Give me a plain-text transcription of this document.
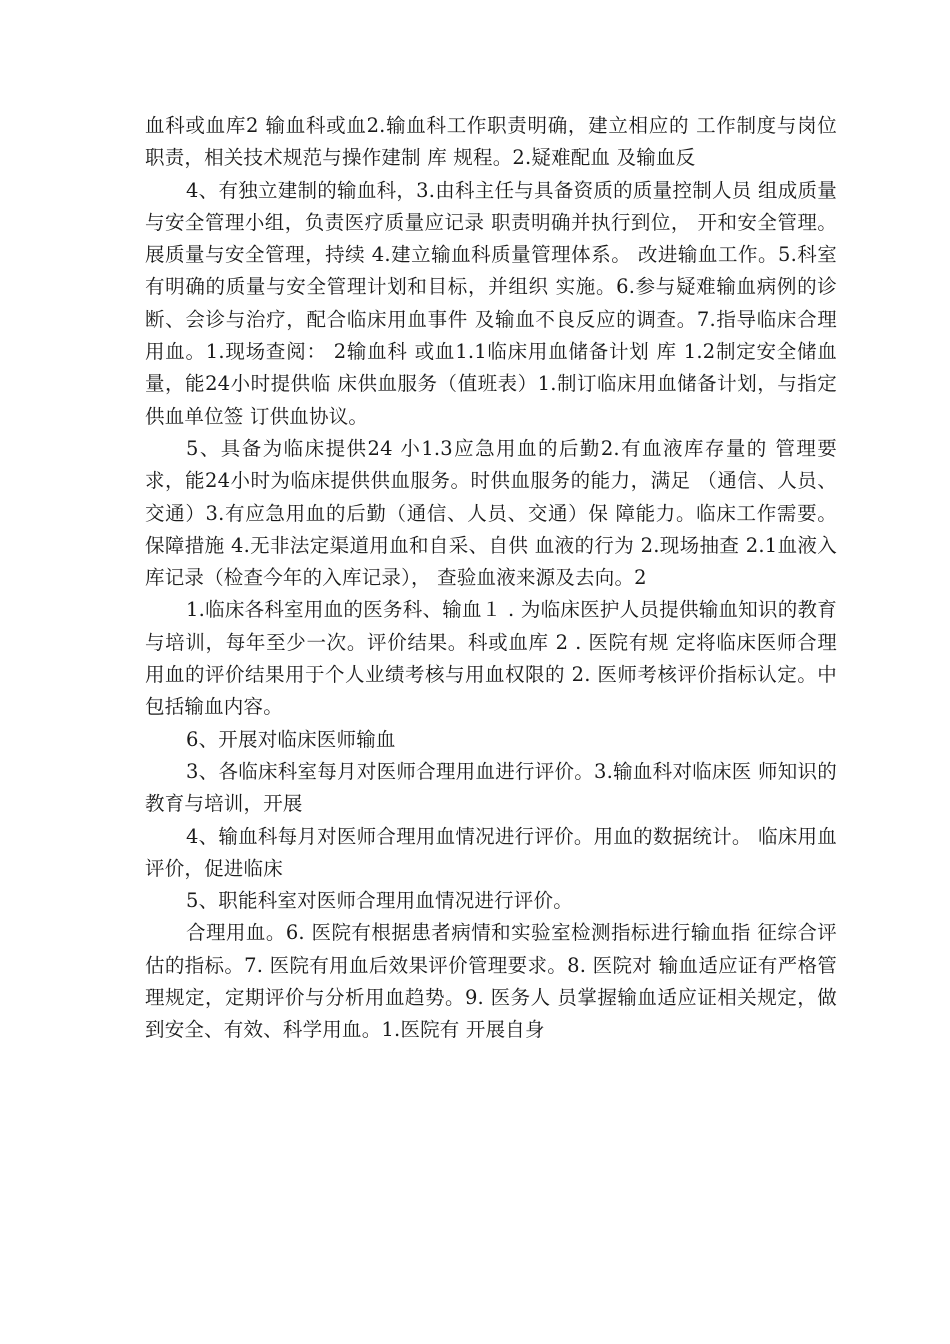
血科或血库2 输血科或血2.输血科工作职责明确，建立相应的 工作制度与岗位职责，相关技术规范与操作建制 库 规程。2.疑难配血 及输血反

4、有独立建制的输血科，3.由科主任与具备资质的质量控制人员 组成质量与安全管理小组，负责医疗质量应记录 职责明确并执行到位， 开和安全管理。展质量与安全管理，持续 4.建立输血科质量管理体系。 改进输血工作。5.科室有明确的质量与安全管理计划和目标，并组织 实施。6.参与疑难输血病例的诊断、会诊与治疗，配合临床用血事件 及输血不良反应的调查。7.指导临床合理用血。1.现场查阅： 2输血科 或血1.1临床用血储备计划 库 1.2制定安全储血量，能24小时提供临 床供血服务（值班表）1.制订临床用血储备计划，与指定供血单位签 订供血协议。

5、具备为临床提供24 小1.3应急用血的后勤2.有血液库存量的 管理要求，能24小时为临床提供供血服务。时供血服务的能力，满足 （通信、人员、交通）3.有应急用血的后勤（通信、人员、交通）保 障能力。临床工作需要。保障措施 4.无非法定渠道用血和自采、自供 血液的行为 2.现场抽查 2.1血液入库记录（检查今年的入库记录）， 查验血液来源及去向。2

1.临床各科室用血的医务科、输血１ . 为临床医护人员提供输血知识的教育与培训，每年至少一次。评价结果。科或血库 2 . 医院有规 定将临床医师合理用血的评价结果用于个人业绩考核与用血权限的 2. 医师考核评价指标认定。中包括输血内容。

6、开展对临床医师输血

3、各临床科室每月对医师合理用血进行评价。3.输血科对临床医 师知识的教育与培训，开展

4、输血科每月对医师合理用血情况进行评价。用血的数据统计。 临床用血评价，促进临床

5、职能科室对医师合理用血情况进行评价。

合理用血。6. 医院有根据患者病情和实验室检测指标进行输血指 征综合评估的指标。7. 医院有用血后效果评价管理要求。8. 医院对 输血适应证有严格管理规定，定期评价与分析用血趋势。9. 医务人 员掌握输血适应证相关规定，做到安全、有效、科学用血。1.医院有 开展自身
